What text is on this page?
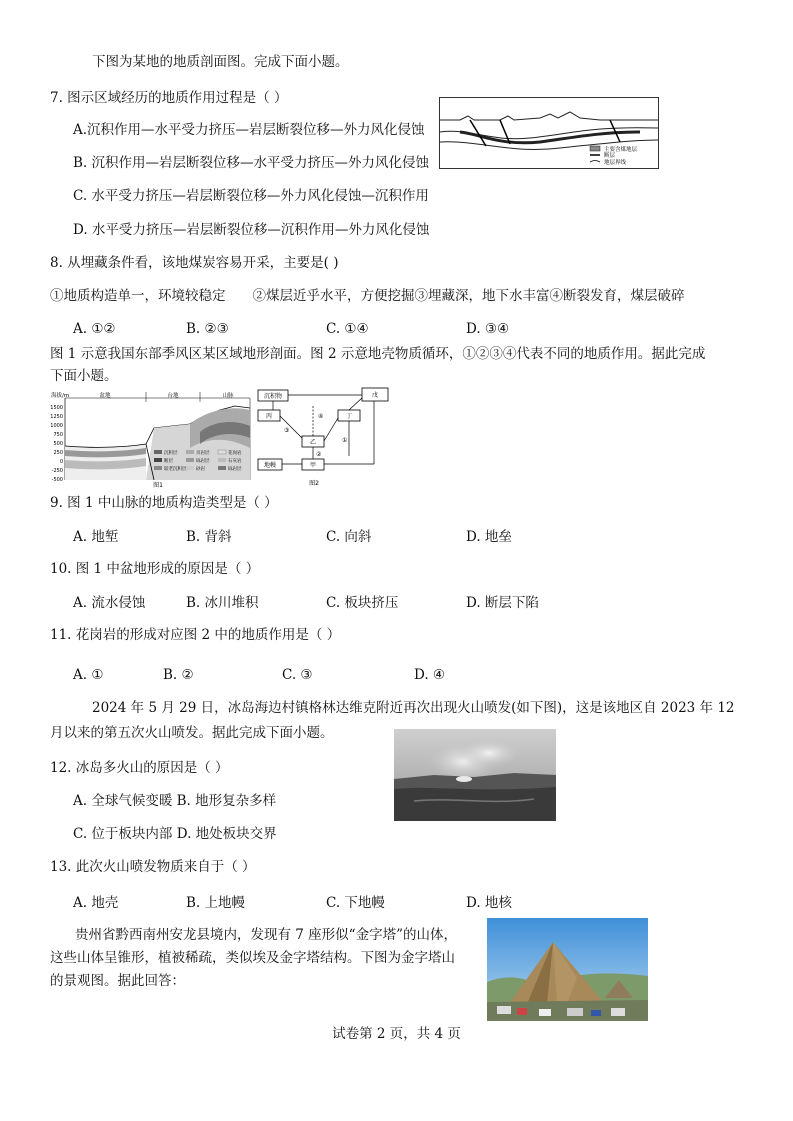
下图为某地的地质剖面图。完成下面小题。
7. 图示区域经历的地质作用过程是（ ）
A.沉积作用—水平受力挤压—岩层断裂位移—外力风化侵蚀
B. 沉积作用—岩层断裂位移—水平受力挤压—外力风化侵蚀
C. 水平受力挤压—岩层断裂位移—外力风化侵蚀—沉积作用
D. 水平受力挤压—岩层断裂位移—沉积作用—外力风化侵蚀
主要含煤地层
断层
地层界线
8. 从埋藏条件看，该地煤炭容易开采，主要是( )
①地质构造单一，环境较稳定　　②煤层近乎水平，方便挖掘③埋藏深，地下水丰富④断裂发育，煤层破碎
A. ①②	B. ②③	C. ①④	D. ③④
图 1 示意我国东部季风区某区域地形剖面。图 2 示意地壳物质循环，①②③④代表不同的地质作用。据此完成
下面小题。
海拔/m
1500
1250
1000
750
500
250
0
-250
-500
盆地	台地	山脉
沉积层	页岩层	花岗岩
断层	砾岩层	石灰岩
较老沉积层 砂岩	砾岩层
图1
沉积物	戊
丙	丁
乙
地幔	甲
④
③
②
①
图2
9. 图 1 中山脉的地质构造类型是（ ）
A. 地堑	B. 背斜	C. 向斜	D. 地垒
10. 图 1 中盆地形成的原因是（ ）
A. 流水侵蚀	B. 冰川堆积	C. 板块挤压	D. 断层下陷
11. 花岗岩的形成对应图 2 中的地质作用是（ ）
A. ①	B. ②	C. ③	D. ④
2024 年 5 月 29 日，冰岛海边村镇格林达维克附近再次出现火山喷发(如下图)，这是该地区自 2023 年 12
月以来的第五次火山喷发。据此完成下面小题。
12. 冰岛多火山的原因是（ ）
A. 全球气候变暖 B. 地形复杂多样
C. 位于板块内部 D. 地处板块交界
13. 此次火山喷发物质来自于（ ）
A. 地壳	B. 上地幔	C. 下地幔	D. 地核
贵州省黔西南州安龙县境内，发现有 7 座形似“金字塔”的山体，
这些山体呈锥形，植被稀疏，类似埃及金字塔结构。下图为金字塔山
的景观图。据此回答：
试卷第 2 页，共 4 页
